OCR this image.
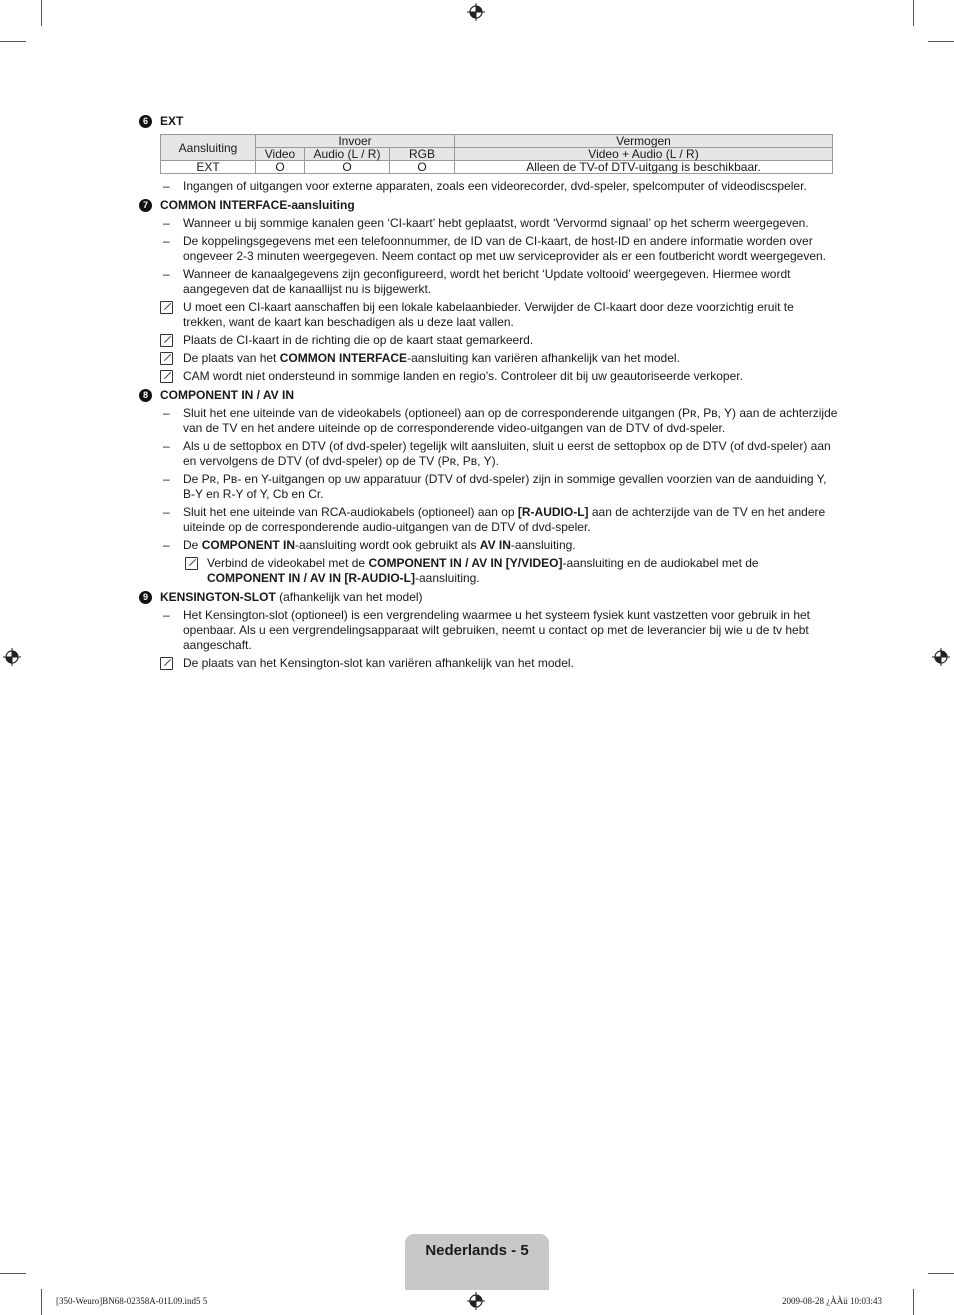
6	EXT
Aansluiting	Invoer			Vermogen
	Video	Audio (L / R)	RGB	Video + Audio (L / R)
EXT	O	O	O	Alleen de TV-of DTV-uitgang is beschikbaar.
– Ingangen of uitgangen voor externe apparaten, zoals een videorecorder, dvd-speler, spelcomputer of videodiscspeler.
7	COMMON INTERFACE-aansluiting
– Wanneer u bij sommige kanalen geen ‘CI-kaart’ hebt geplaatst, wordt ‘Vervormd signaal’ op het scherm weergegeven.
– De koppelingsgegevens met een telefoonnummer, de ID van de CI-kaart, de host-ID en andere informatie worden over ongeveer 2-3 minuten weergegeven. Neem contact op met uw serviceprovider als er een foutbericht wordt weergegeven.
– Wanneer de kanaalgegevens zijn geconfigureerd, wordt het bericht ‘Update voltooid’ weergegeven. Hiermee wordt aangegeven dat de kanaallijst nu is bijgewerkt.
U moet een CI-kaart aanschaffen bij een lokale kabelaanbieder. Verwijder de CI-kaart door deze voorzichtig eruit te trekken, want de kaart kan beschadigen als u deze laat vallen.
Plaats de CI-kaart in de richting die op de kaart staat gemarkeerd.
De plaats van het COMMON INTERFACE-aansluiting kan variëren afhankelijk van het model.
CAM wordt niet ondersteund in sommige landen en regio's. Controleer dit bij uw geautoriseerde verkoper.
8	COMPONENT IN / AV IN
– Sluit het ene uiteinde van de videokabels (optioneel) aan op de corresponderende uitgangen (Pʀ, Pʙ, Y) aan de achterzijde van de TV en het andere uiteinde op de corresponderende video-uitgangen van de DTV of dvd-speler.
– Als u de settopbox en DTV (of dvd-speler) tegelijk wilt aansluiten, sluit u eerst de settopbox op de DTV (of dvd-speler) aan en vervolgens de DTV (of dvd-speler) op de TV (Pʀ, Pʙ, Y).
– De Pʀ, Pʙ- en Y-uitgangen op uw apparatuur (DTV of dvd-speler) zijn in sommige gevallen voorzien van de aanduiding Y, B-Y en R-Y of Y, Cb en Cr.
– Sluit het ene uiteinde van RCA-audiokabels (optioneel) aan op [R-AUDIO-L] aan de achterzijde van de TV en het andere uiteinde op de corresponderende audio-uitgangen van de DTV of dvd-speler.
– De COMPONENT IN-aansluiting wordt ook gebruikt als AV IN-aansluiting.
Verbind de videokabel met de COMPONENT IN / AV IN [Y/VIDEO]-aansluiting en de audiokabel met de COMPONENT IN / AV IN [R-AUDIO-L]-aansluiting.
9	KENSINGTON-SLOT (afhankelijk van het model)
– Het Kensington-slot (optioneel) is een vergrendeling waarmee u het systeem fysiek kunt vastzetten voor gebruik in het openbaar. Als u een vergrendelingsapparaat wilt gebruiken, neemt u contact op met de leverancier bij wie u de tv hebt aangeschaft.
De plaats van het Kensington-slot kan variëren afhankelijk van het model.
Nederlands - 5
[350-Weuro]BN68-02358A-01L09.ind5 5	2009-08-28 ¿ÀÀü 10:03:43
